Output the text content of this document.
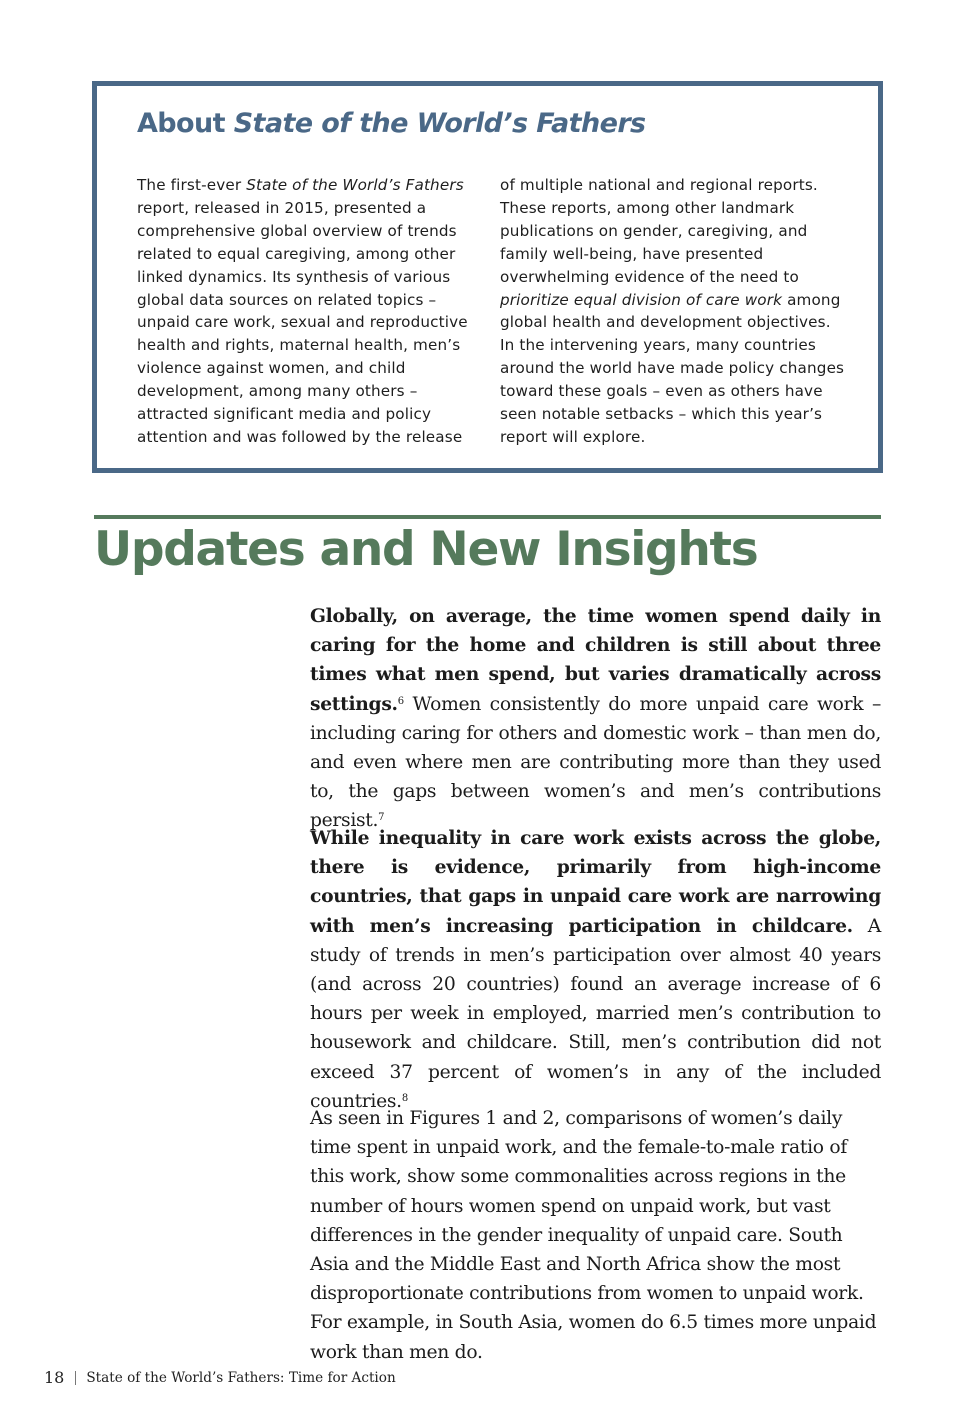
About State of the World’s Fathers

The first-ever State of the World’s Fathers report, released in 2015, presented a comprehensive global overview of trends related to equal caregiving, among other linked dynamics. Its synthesis of various global data sources on related topics – unpaid care work, sexual and reproductive health and rights, maternal health, men’s violence against women, and child development, among many others – attracted significant media and policy attention and was followed by the release

of multiple national and regional reports. These reports, among other landmark publications on gender, caregiving, and family well-being, have presented overwhelming evidence of the need to prioritize equal division of care work among global health and development objectives. In the intervening years, many countries around the world have made policy changes toward these goals – even as others have seen notable setbacks – which this year’s report will explore.

Updates and New Insights

Globally, on average, the time women spend daily in caring for the home and children is still about three times what men spend, but varies dramatically across settings.$^6$ Women consistently do more unpaid care work – including caring for others and domestic work – than men do, and even where men are contributing more than they used to, the gaps between women’s and men’s contributions persist.$^7$

While inequality in care work exists across the globe, there is evidence, primarily from high-income countries, that gaps in unpaid care work are narrowing with men’s increasing participation in childcare. A study of trends in men’s participation over almost 40 years (and across 20 countries) found an average increase of 6 hours per week in employed, married men’s contribution to housework and childcare. Still, men’s contribution did not exceed 37 percent of women’s in any of the included countries.$^8$

As seen in Figures 1 and 2, comparisons of women’s daily time spent in unpaid work, and the female-to-male ratio of this work, show some commonalities across regions in the number of hours women spend on unpaid work, but vast differences in the gender inequality of unpaid care. South Asia and the Middle East and North Africa show the most disproportionate contributions from women to unpaid work. For example, in South Asia, women do 6.5 times more unpaid work than men do.

18 State of the World’s Fathers: Time for Action
